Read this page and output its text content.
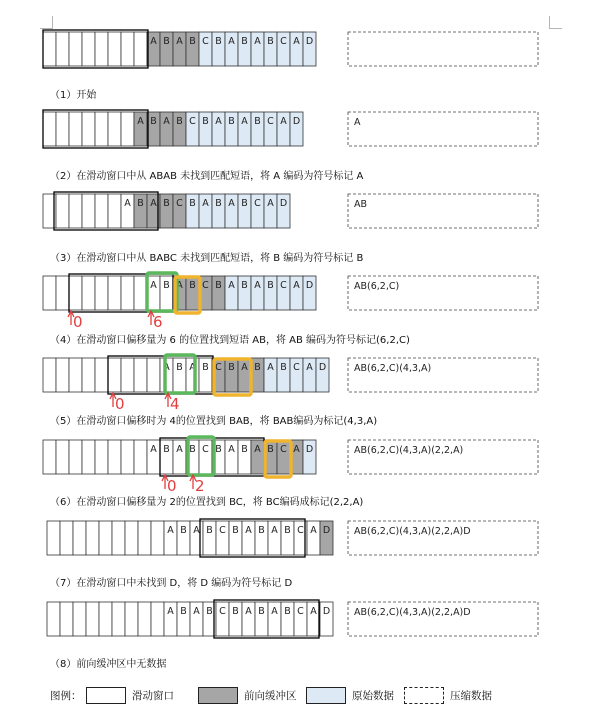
A B A B C B A B A B C A D
A B A B C B A B A B C A D	A
A B A B C B A B A B C A D	AB
A B A B C B A B A B C A D
0	6
AB(6,2,C)
A B A B C B A B A B C A D
0	4
AB(6,2,C)(4,3,A)
A B A B C B A B A B C A D
0 2
AB(6,2,C)(4,3,A)(2,2,A)
A B A B C B A B A B C A D	AB(6,2,C)(4,3,A)(2,2,A)D
A B A B C B A B A B C A D	AB(6,2,C)(4,3,A)(2,2,A)D
（1）开始
（2）在滑动窗口中从 ABAB 未找到匹配短语，将 A 编码为符号标记 A
（3）在滑动窗口中从 BABC 未找到匹配短语，将 B 编码为符号标记 B
（4）在滑动窗口偏移量为 6 的位置找到短语 AB，将 AB 编码为符号标记(6,2,C)
（5）在滑动窗口偏移时为 4的位置找到 BAB，将 BAB编码为标记(4,3,A)
（6）在滑动窗口偏移量为 2的位置找到 BC，将 BC编码成标记(2,2,A)
（7）在滑动窗口中未找到 D，将 D 编码为符号标记 D
（8）前向缓冲区中无数据
图例：	滑动窗口	前向缓冲区	原始数据	压缩数据
